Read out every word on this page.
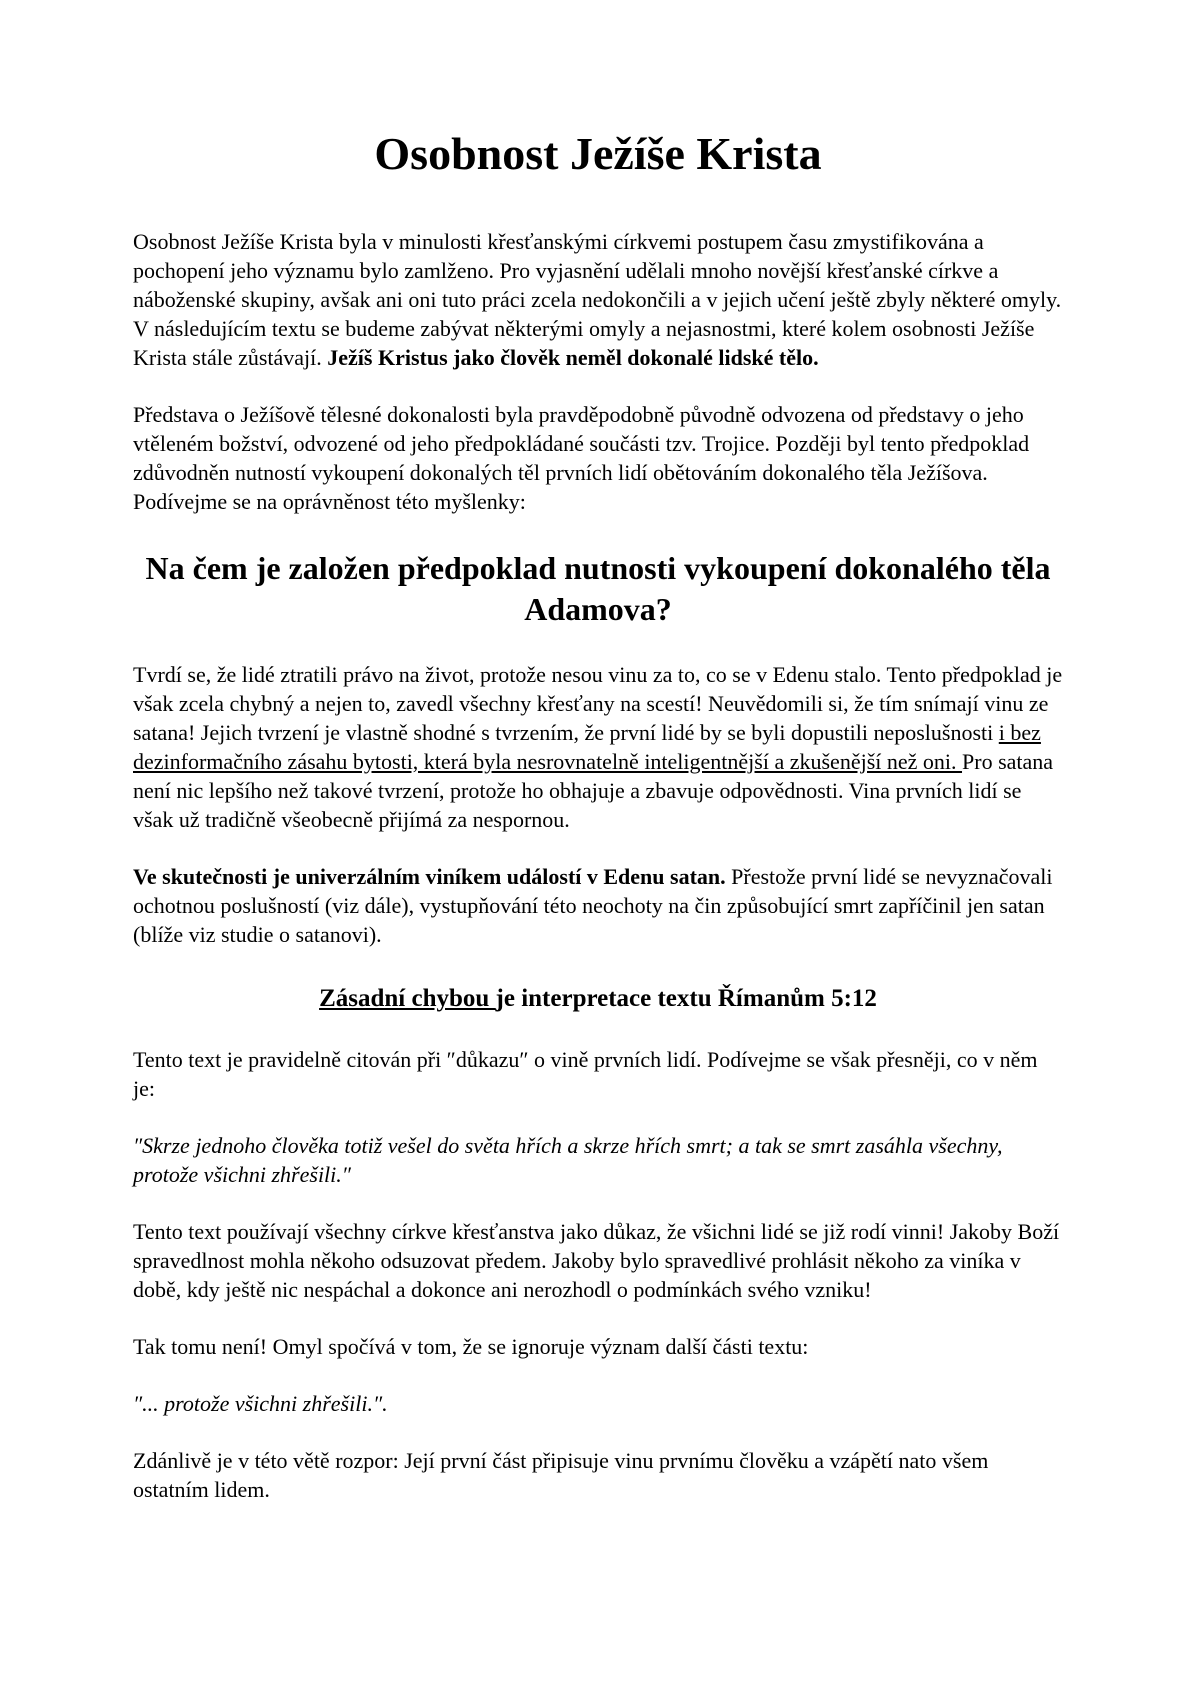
Osobnost Ježíše Krista

Osobnost Ježíše Krista byla v minulosti křesťanskými církvemi postupem času zmystifikována a pochopení jeho významu bylo zamlženo. Pro vyjasnění udělali mnoho novější křesťanské církve a náboženské skupiny, avšak ani oni tuto práci zcela nedokončili a v jejich učení ještě zbyly některé omyly. V následujícím textu se budeme zabývat některými omyly a nejasnostmi, které kolem osobnosti Ježíše Krista stále zůstávají. Ježíš Kristus jako člověk neměl dokonalé lidské tělo.

Představa o Ježíšově tělesné dokonalosti byla pravděpodobně původně odvozena od představy o jeho vtěleném božství, odvozené od jeho předpokládané součásti tzv. Trojice. Později byl tento předpoklad zdůvodněn nutností vykoupení dokonalých těl prvních lidí obětováním dokonalého těla Ježíšova. Podívejme se na oprávněnost této myšlenky:

Na čem je založen předpoklad nutnosti vykoupení dokonalého těla Adamova?

Tvrdí se, že lidé ztratili právo na život, protože nesou vinu za to, co se v Edenu stalo. Tento předpoklad je však zcela chybný a nejen to, zavedl všechny křesťany na scestí! Neuvědomili si, že tím snímají vinu ze satana! Jejich tvrzení je vlastně shodné s tvrzením, že první lidé by se byli dopustili neposlušnosti i bez dezinformačního zásahu bytosti, která byla nesrovnatelně inteligentnější a zkušenější než oni. Pro satana není nic lepšího než takové tvrzení, protože ho obhajuje a zbavuje odpovědnosti. Vina prvních lidí se však už tradičně všeobecně přijímá za nespornou.

Ve skutečnosti je univerzálním viníkem událostí v Edenu satan. Přestože první lidé se nevyznačovali ochotnou poslušností (viz dále), vystupňování této neochoty na čin způsobující smrt zapříčinil jen satan (blíže viz studie o satanovi).

Zásadní chybou je interpretace textu Římanům 5:12

Tento text je pravidelně citován při ″důkazu″ o vině prvních lidí. Podívejme se však přesněji, co v něm je:

″Skrze jednoho člověka totiž vešel do světa hřích a skrze hřích smrt; a tak se smrt zasáhla všechny, protože všichni zhřešili.″

Tento text používají všechny církve křesťanstva jako důkaz, že všichni lidé se již rodí vinni! Jakoby Boží spravedlnost mohla někoho odsuzovat předem. Jakoby bylo spravedlivé prohlásit někoho za viníka v době, kdy ještě nic nespáchal a dokonce ani nerozhodl o podmínkách svého vzniku!

Tak tomu není! Omyl spočívá v tom, že se ignoruje význam další části textu:

″... protože všichni zhřešili.″.

Zdánlivě je v této větě rozpor: Její první část připisuje vinu prvnímu člověku a vzápětí nato všem ostatním lidem.
